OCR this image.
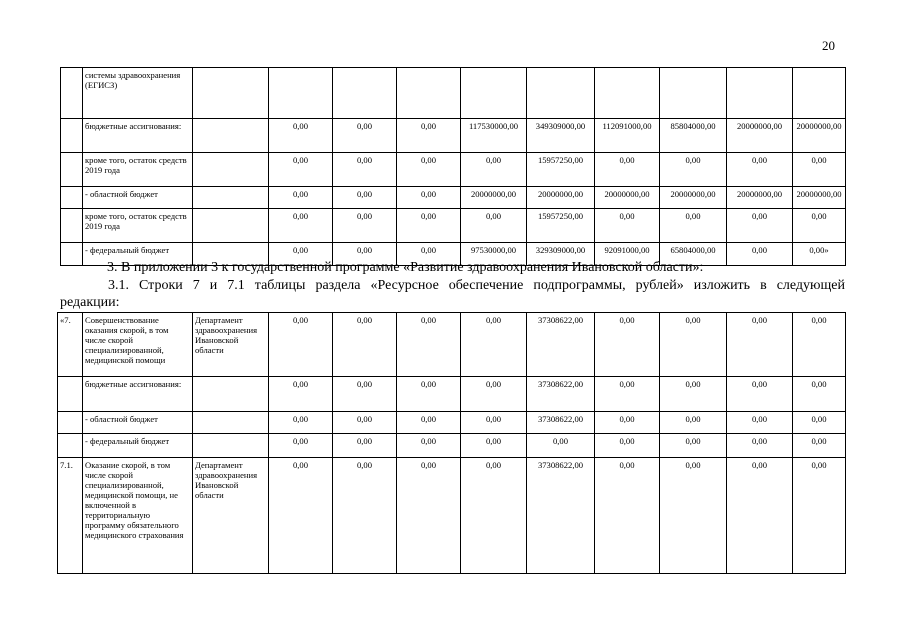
20

	системы здравоохранения (ЕГИСЗ)										

	бюджетные ассигнования:		0,00	0,00	0,00	117530000,00	349309000,00	112091000,00	85804000,00	20000000,00	20000000,00

	кроме того, остаток средств 2019 года		0,00	0,00	0,00	0,00	15957250,00	0,00	0,00	0,00	0,00

	- областной бюджет		0,00	0,00	0,00	20000000,00	20000000,00	20000000,00	20000000,00	20000000,00	20000000,00

	кроме того, остаток средств 2019 года		0,00	0,00	0,00	0,00	15957250,00	0,00	0,00	0,00	0,00

	- федеральный бюджет		0,00	0,00	0,00	97530000,00	329309000,00	92091000,00	65804000,00	0,00	0,00»
3. В приложении 3 к государственной программе «Развитие здравоохранения Ивановской области»:
3.1. Строки 7 и 7.1 таблицы раздела «Ресурсное обеспечение подпрограммы, рублей» изложить в следующей
редакции:
«7.	Совершенствование оказания скорой, в том числе скорой специализированной, медицинской помощи	Департамент здравоохранения Ивановской области	0,00	0,00	0,00	0,00	37308622,00	0,00	0,00	0,00	0,00

	бюджетные ассигнования:		0,00	0,00	0,00	0,00	37308622,00	0,00	0,00	0,00	0,00

	- областной бюджет		0,00	0,00	0,00	0,00	37308622,00	0,00	0,00	0,00	0,00

	- федеральный бюджет		0,00	0,00	0,00	0,00	0,00	0,00	0,00	0,00	0,00
7.1.	Оказание скорой, в том числе скорой специализированной, медицинской помощи, не включенной в территориальную программу обязательного медицинского страхования	Департамент здравоохранения Ивановской области	0,00	0,00	0,00	0,00	37308622,00	0,00	0,00	0,00	0,00
